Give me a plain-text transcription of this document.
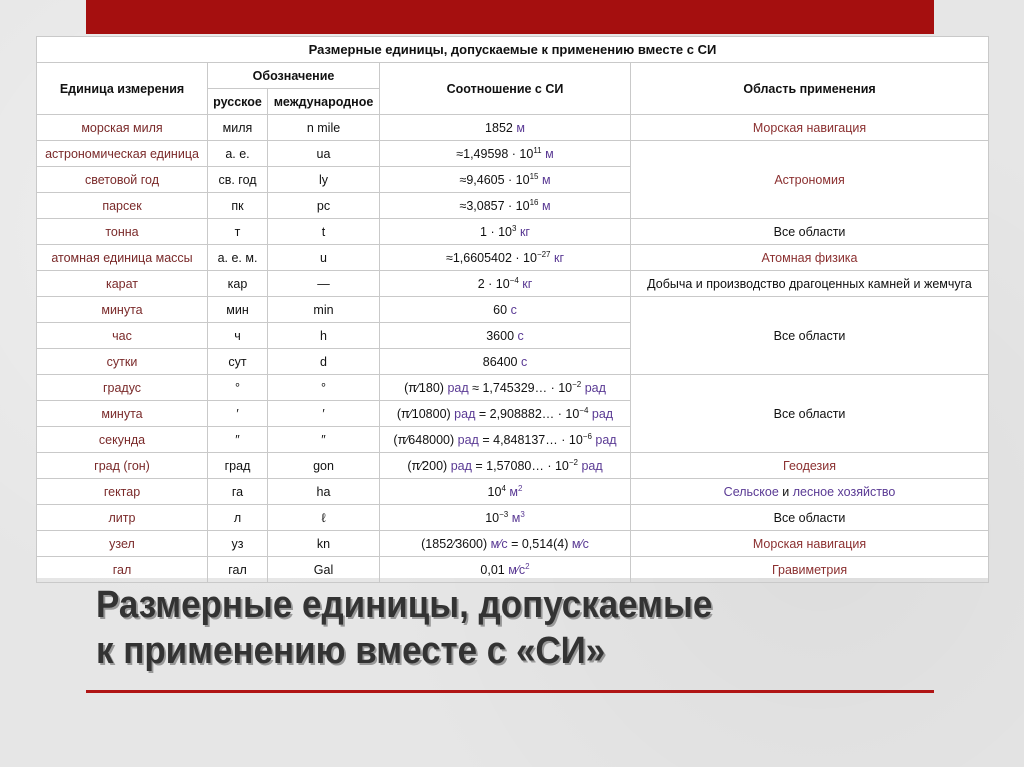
Размерные единицы, допускаемые к применению вместе с СИ				
Единица измерения	Обозначение		Соотношение с СИ	Область применения
	русское	международное		
морская миля	миля	n mile	1852 м	Морская навигация
астрономическая единица	а. е.	ua	$\approx 1,49598 \cdot 10^{11}$ м	Астрономия
световой год	св. год	ly	$\approx 9,4605 \cdot 10^{15}$ м	
парсек	пк	pc	$\approx 3,0857 \cdot 10^{16}$ м	
тонна	т	t	$1 \cdot 10^3$ кг	Все области
атомная единица массы	а. е. м.	u	$\approx 1,6605402 \cdot 10^{-27}$ кг	Атомная физика
карат	кар	—	$2 \cdot 10^{-4}$ кг	Добыча и производство драгоценных камней и жемчуга
минута	мин	min	60 с	Все области
час	ч	h	3600 с	
сутки	сут	d	86400 с	
градус	°	°	(π⁄180) рад ≈ 1,745329… · $10^{-2}$ рад	Все области
минута	′	′	(π⁄10800) рад = 2,908882… · $10^{-4}$ рад	
секунда	″	″	(π⁄648000) рад = 4,848137… · $10^{-6}$ рад	
град (гон)	град	gon	(π⁄200) рад = 1,57080… · $10^{-2}$ рад	Геодезия
гектар	га	ha	$10^4$ $м^2$	Сельское и лесное хозяйство
литр	л	ℓ	$10^{-3}$ $м^3$	Все области
узел	уз	kn	(1852⁄3600) м⁄с = 0,514(4) м⁄с	Морская навигация
гал	гал	Gal	0,01 $м⁄с^2$	Гравиметрия
Размерные единицы, допускаемые
к применению вместе с «СИ»
